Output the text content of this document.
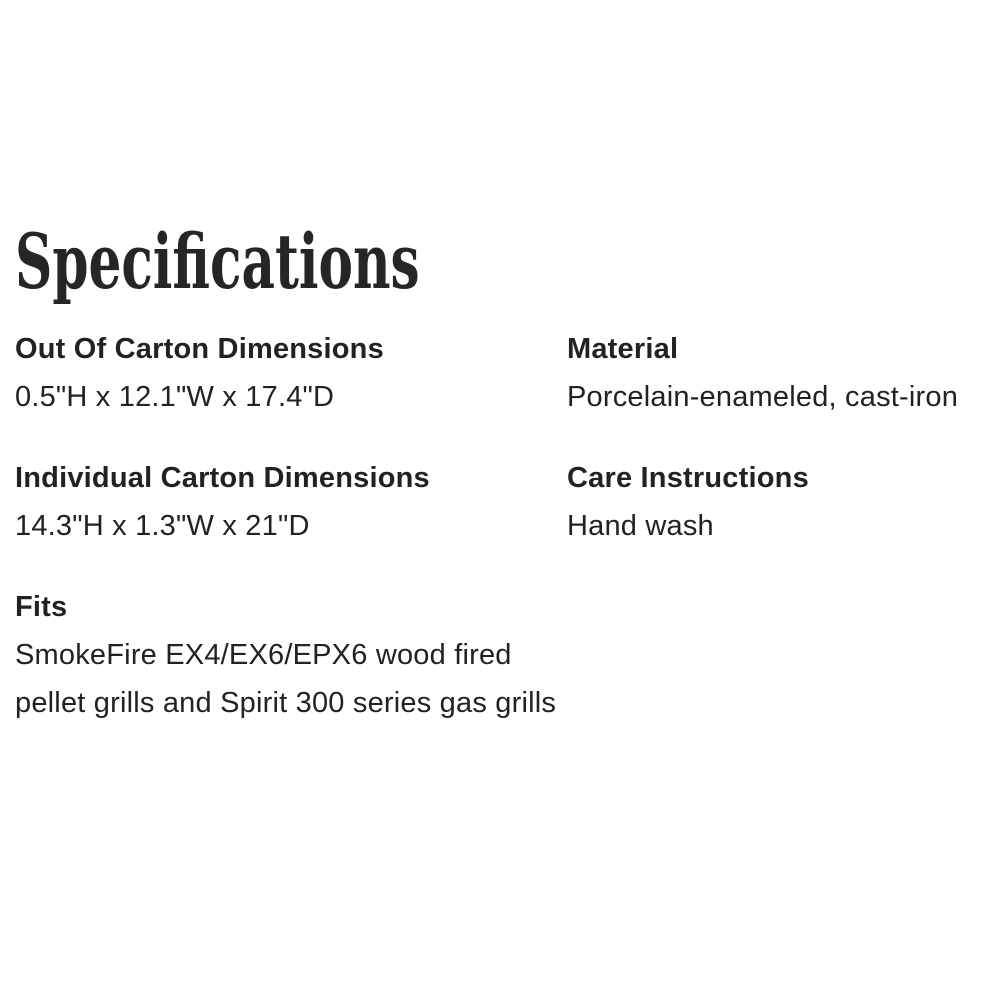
Specifications
Out Of Carton Dimensions
0.5"H x 12.1"W x 17.4"D
Material
Porcelain-enameled, cast-iron
Individual Carton Dimensions
14.3"H x 1.3"W x 21"D
Care Instructions
Hand wash
Fits
SmokeFire EX4/EX6/EPX6 wood fired pellet grills and Spirit 300 series gas grills
